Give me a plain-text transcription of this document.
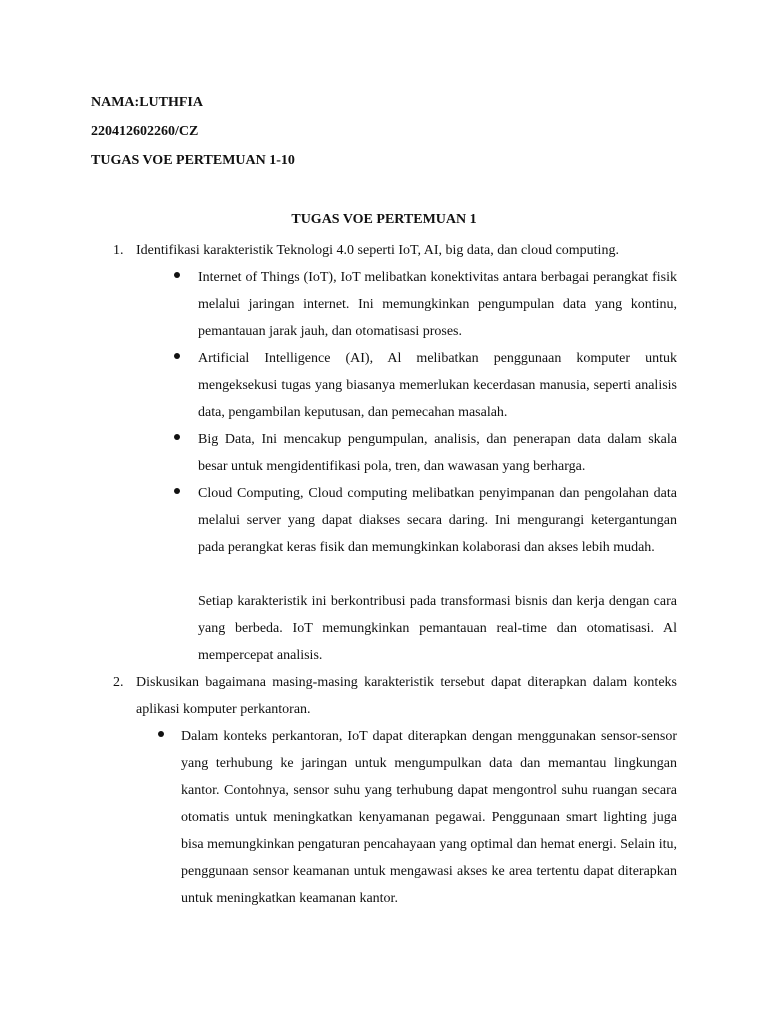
NAMA:LUTHFIA
220412602260/CZ
TUGAS VOE PERTEMUAN 1-10
TUGAS VOE PERTEMUAN 1
1. Identifikasi karakteristik Teknologi 4.0 seperti IoT, AI, big data, dan cloud computing.

Internet of Things (IoT), IoT melibatkan konektivitas antara berbagai perangkat fisik melalui jaringan internet. Ini memungkinkan pengumpulan data yang kontinu, pemantauan jarak jauh, dan otomatisasi proses.

Artificial Intelligence (AI), Al melibatkan penggunaan komputer untuk mengeksekusi tugas yang biasanya memerlukan kecerdasan manusia, seperti analisis data, pengambilan keputusan, dan pemecahan masalah.

Big Data, Ini mencakup pengumpulan, analisis, dan penerapan data dalam skala besar untuk mengidentifikasi pola, tren, dan wawasan yang berharga.

Cloud Computing, Cloud computing melibatkan penyimpanan dan pengolahan data melalui server yang dapat diakses secara daring. Ini mengurangi ketergantungan pada perangkat keras fisik dan memungkinkan kolaborasi dan akses lebih mudah.

Setiap karakteristik ini berkontribusi pada transformasi bisnis dan kerja dengan cara yang berbeda. IoT memungkinkan pemantauan real-time dan otomatisasi. Al mempercepat analisis.

2. Diskusikan bagaimana masing-masing karakteristik tersebut dapat diterapkan dalam konteks aplikasi komputer perkantoran.

Dalam konteks perkantoran, IoT dapat diterapkan dengan menggunakan sensor-sensor yang terhubung ke jaringan untuk mengumpulkan data dan memantau lingkungan kantor. Contohnya, sensor suhu yang terhubung dapat mengontrol suhu ruangan secara otomatis untuk meningkatkan kenyamanan pegawai. Penggunaan smart lighting juga bisa memungkinkan pengaturan pencahayaan yang optimal dan hemat energi. Selain itu, penggunaan sensor keamanan untuk mengawasi akses ke area tertentu dapat diterapkan untuk meningkatkan keamanan kantor.
